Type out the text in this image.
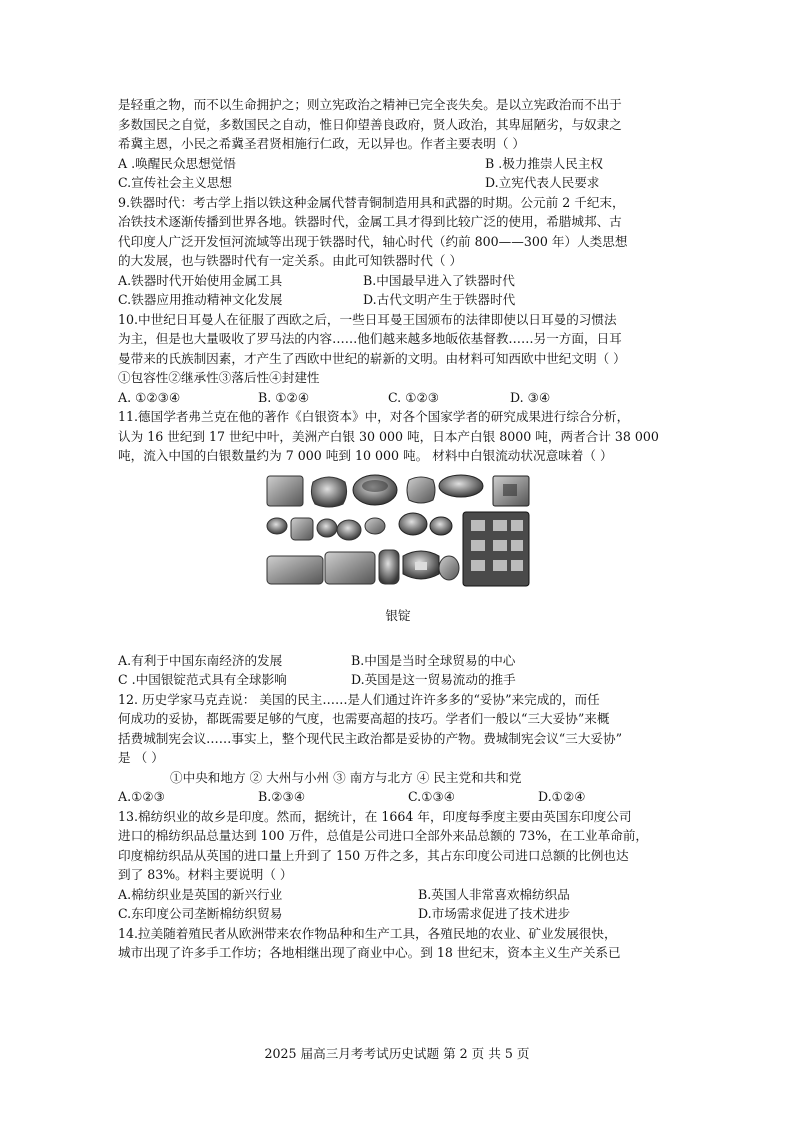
是轻重之物，而不以生命拥护之；则立宪政治之精神已完全丧失矣。是以立宪政治而不出于

多数国民之自觉，多数国民之自动，惟日仰望善良政府，贤人政治，其卑屈陋劣，与奴隶之

希冀主恩，小民之希冀圣君贤相施行仁政，无以异也。作者主要表明（ ）

A .唤醒民众思想觉悟	B .极力推崇人民主权
C.宣传社会主义思想	D.立宪代表人民要求

9.铁器时代：考古学上指以铁这种金属代替青铜制造用具和武器的时期。公元前 2 千纪末，

冶铁技术逐渐传播到世界各地。铁器时代，金属工具才得到比较广泛的使用，希腊城邦、古

代印度人广泛开发恒河流域等出现于铁器时代，轴心时代（约前 800——300 年）人类思想

的大发展，也与铁器时代有一定关系。由此可知铁器时代（ ）

A.铁器时代开始使用金属工具	B.中国最早进入了铁器时代
C.铁器应用推动精神文化发展	D.古代文明产生于铁器时代

10.中世纪日耳曼人在征服了西欧之后，一些日耳曼王国颁布的法律即使以日耳曼的习惯法

为主，但是也大量吸收了罗马法的内容……他们越来越多地皈依基督教……另一方面，日耳

曼带来的氏族制因素，才产生了西欧中世纪的崭新的文明。由材料可知西欧中世纪文明（ ）

①包容性②继承性③落后性④封建性

A. ①②③④	B. ①②④	C. ①②③	D. ③④

11.德国学者弗兰克在他的著作《白银资本》中，对各个国家学者的研究成果进行综合分析，

认为 16 世纪到 17 世纪中叶，美洲产白银 30 000 吨，日本产白银 8000 吨，两者合计 38 000

吨，流入中国的白银数量约为 7 000 吨到 10 000 吨。 材料中白银流动状况意味着（ ）

银锭
A.有利于中国东南经济的发展	B.中国是当时全球贸易的中心
C .中国银锭范式具有全球影响	D.英国是这一贸易流动的推手

12. 历史学家马克垚说： 美国的民主……是人们通过许许多多的“妥协”来完成的，而任

何成功的妥协，都既需要足够的气度，也需要高超的技巧。学者们一般以“三大妥协”来概

括费城制宪会议……事实上，整个现代民主政治都是妥协的产物。费城制宪会议“三大妥协”

是 （ ）

①中央和地方 ② 大州与小州 ③ 南方与北方 ④ 民主党和共和党

A.①②③	B.②③④	C.①③④	D.①②④

13.棉纺织业的故乡是印度。然而，据统计，在 1664 年，印度每季度主要由英国东印度公司

进口的棉纺织品总量达到 100 万件，总值是公司进口全部外来品总额的 73%，在工业革命前，

印度棉纺织品从英国的进口量上升到了 150 万件之多，其占东印度公司进口总额的比例也达

到了 83%。材料主要说明（ ）

A.棉纺织业是英国的新兴行业	B.英国人非常喜欢棉纺织品
C.东印度公司垄断棉纺织贸易	D.市场需求促进了技术进步

14.拉美随着殖民者从欧洲带来农作物品种和生产工具，各殖民地的农业、矿业发展很快，

城市出现了许多手工作坊；各地相继出现了商业中心。到 18 世纪末，资本主义生产关系已

2025 届高三月考考试历史试题 第 2 页 共 5 页
